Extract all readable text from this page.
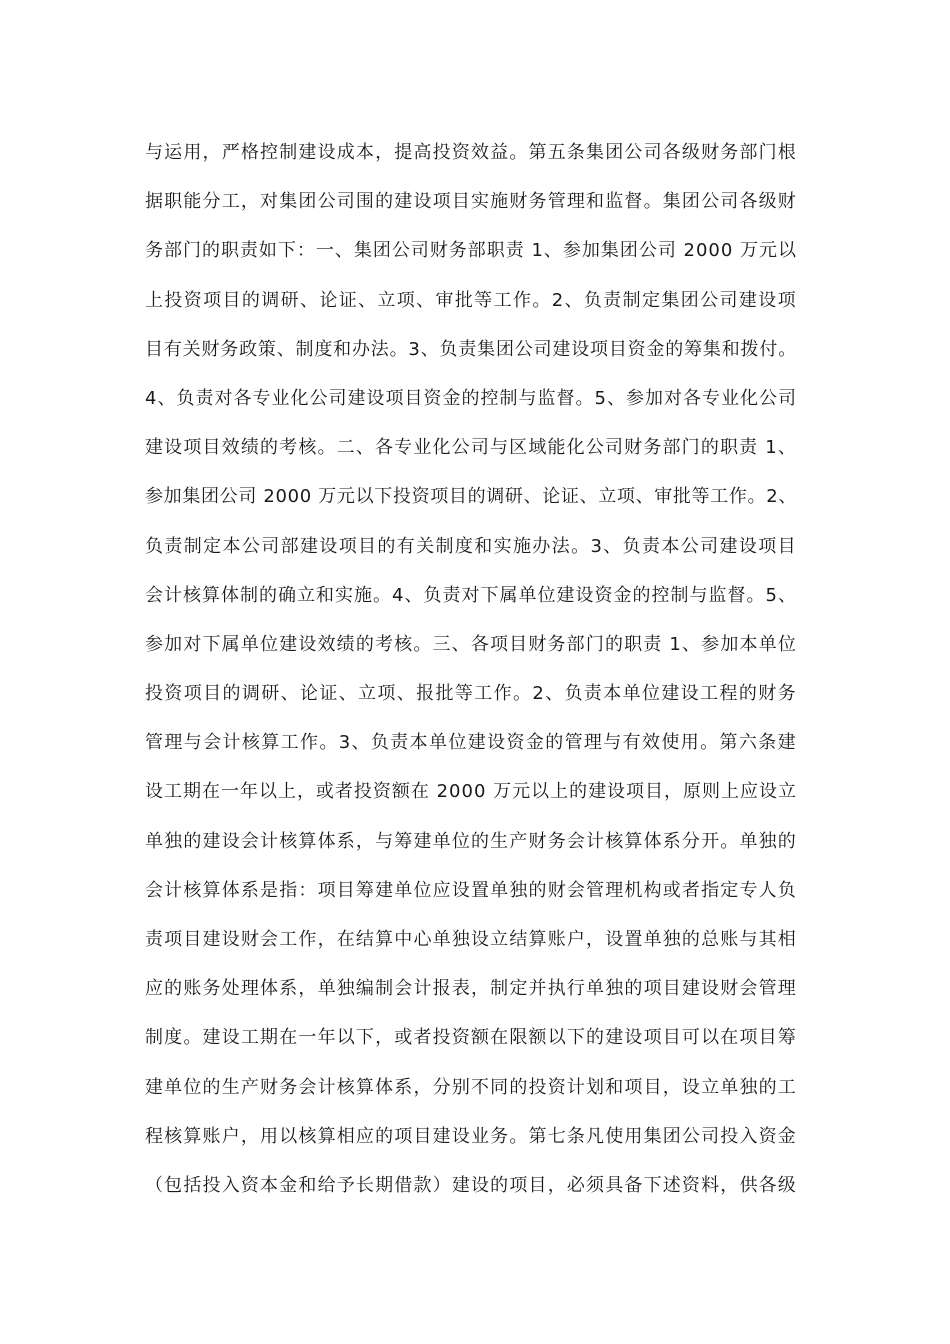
与运用，严格控制建设成本，提高投资效益。第五条集团公司各级财务部门根
据职能分工，对集团公司围的建设项目实施财务管理和监督。集团公司各级财
务部门的职责如下：一、集团公司财务部职责 1、参加集团公司 2000 万元以
上投资项目的调研、论证、立项、审批等工作。2、负责制定集团公司建设项
目有关财务政策、制度和办法。3、负责集团公司建设项目资金的筹集和拨付。
4、负责对各专业化公司建设项目资金的控制与监督。5、参加对各专业化公司
建设项目效绩的考核。二、各专业化公司与区域能化公司财务部门的职责 1、
参加集团公司 2000 万元以下投资项目的调研、论证、立项、审批等工作。2、
负责制定本公司部建设项目的有关制度和实施办法。3、负责本公司建设项目
会计核算体制的确立和实施。4、负责对下属单位建设资金的控制与监督。5、
参加对下属单位建设效绩的考核。三、各项目财务部门的职责 1、参加本单位
投资项目的调研、论证、立项、报批等工作。2、负责本单位建设工程的财务
管理与会计核算工作。3、负责本单位建设资金的管理与有效使用。第六条建
设工期在一年以上，或者投资额在 2000 万元以上的建设项目，原则上应设立
单独的建设会计核算体系，与筹建单位的生产财务会计核算体系分开。单独的
会计核算体系是指：项目筹建单位应设置单独的财会管理机构或者指定专人负
责项目建设财会工作，在结算中心单独设立结算账户，设置单独的总账与其相
应的账务处理体系，单独编制会计报表，制定并执行单独的项目建设财会管理
制度。建设工期在一年以下，或者投资额在限额以下的建设项目可以在项目筹
建单位的生产财务会计核算体系，分别不同的投资计划和项目，设立单独的工
程核算账户，用以核算相应的项目建设业务。第七条凡使用集团公司投入资金
（包括投入资本金和给予长期借款）建设的项目，必须具备下述资料，供各级
